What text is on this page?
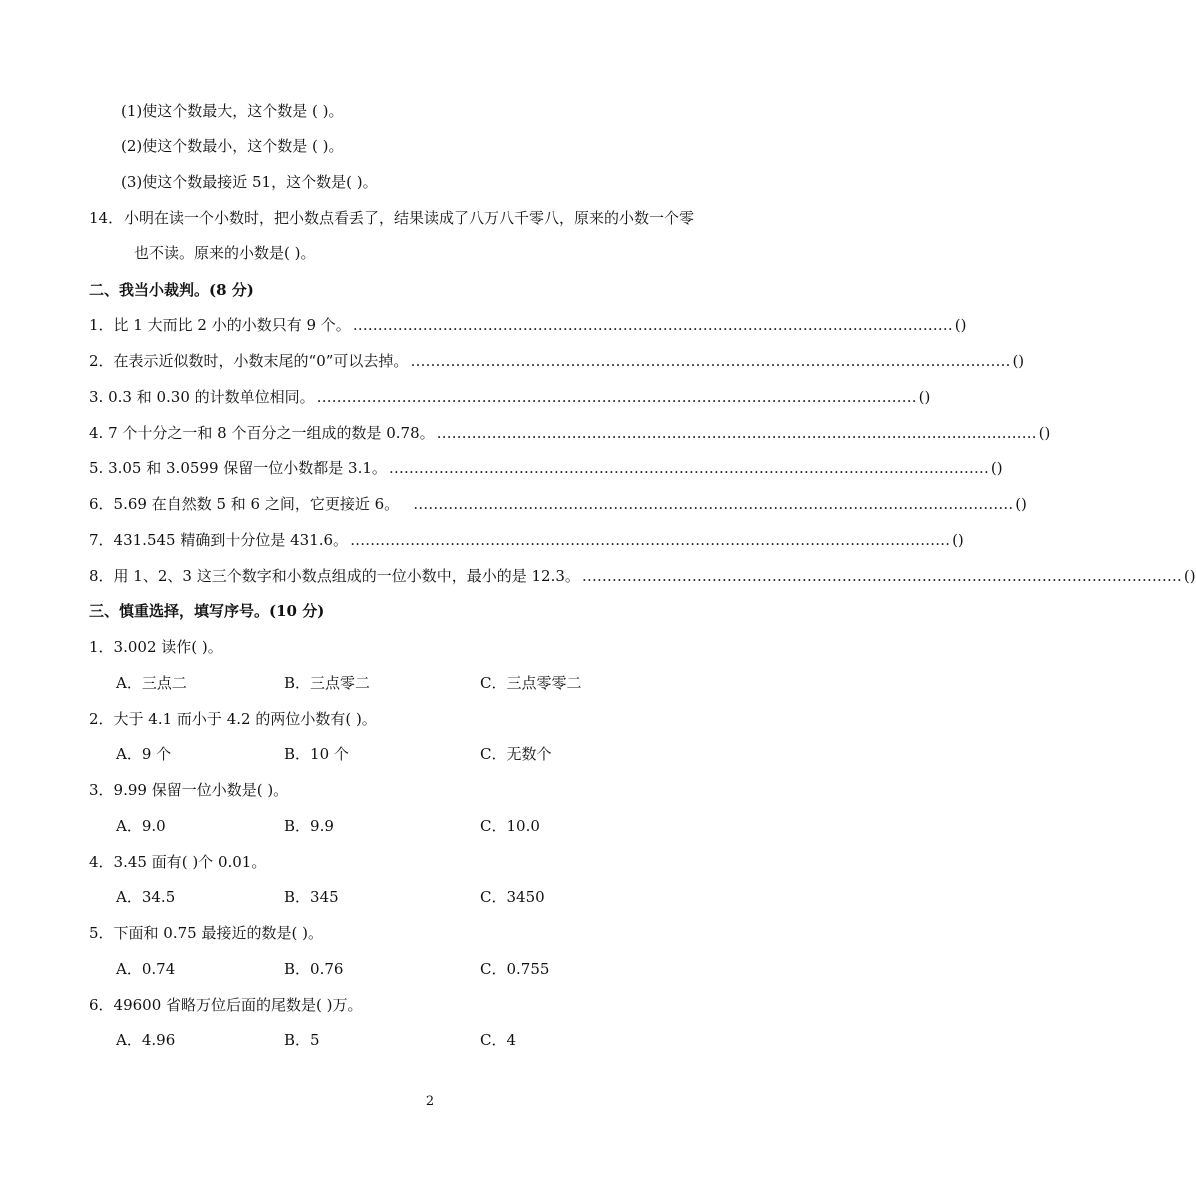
(1)使这个数最大，这个数是 ( )。
(2)使这个数最小，这个数是 ( )。
(3)使这个数最接近 51，这个数是( )。
14． 小明在读一个小数时，把小数点看丢了，结果读成了八万八千零八，原来的小数一个零
也不读。原来的小数是( )。
二、我当小裁判。(8 分)
1．比 1 大而比 2 小的小数只有 9 个。 ………………………………………………………………………………………………………… ( )
2．在表示近似数时，小数末尾的“0”可以去掉。 ………………………………………………………………………………………………………… ( )
3. 0.3 和 0.30 的计数单位相同。 ………………………………………………………………………………………………………… ( )
4. 7 个十分之一和 8 个百分之一组成的数是 0.78。 ………………………………………………………………………………………………………… ( )
5. 3.05 和 3.0599 保留一位小数都是 3.1。 ………………………………………………………………………………………………………… ( )
6．5.69 在自然数 5 和 6 之间，它更接近 6。 ………………………………………………………………………………………………………… ( )
7．431.545 精确到十分位是 431.6。 ………………………………………………………………………………………………………… ( )
8．用 1、2、3 这三个数字和小数点组成的一位小数中，最小的是 12.3。 ………………………………………………………………………………………………………… ( )
三、慎重选择，填写序号。(10 分)
1．3.002 读作( )。
A．三点二	B．三点零二	C．三点零零二
2．大于 4.1 而小于 4.2 的两位小数有( )。
A．9 个	B．10 个	C．无数个
3．9.99 保留一位小数是( )。
A．9.0	B．9.9	C．10.0
4．3.45 面有( )个 0.01。
A．34.5	B．345	C．3450
5．下面和 0.75 最接近的数是( )。
A．0.74	B．0.76	C．0.755
6．49600 省略万位后面的尾数是( )万。
A．4.96	B．5	C．4
2
